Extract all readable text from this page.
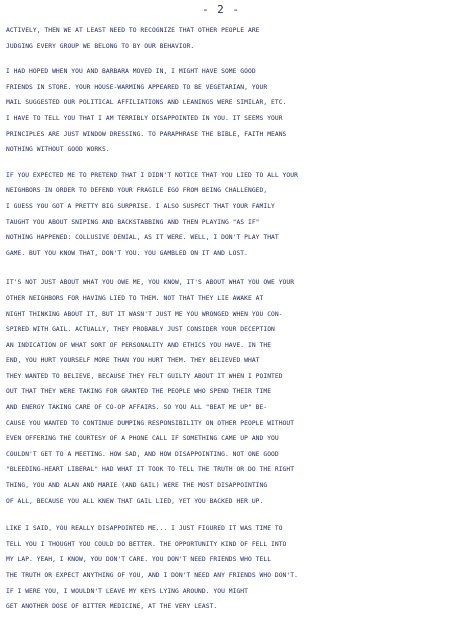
- 2 -
ACTIVELY, THEN WE AT LEAST NEED TO RECOGNIZE THAT OTHER PEOPLE ARE
JUDGING EVERY GROUP WE BELONG TO BY OUR BEHAVIOR.
I HAD HOPED WHEN YOU AND BARBARA MOVED IN, I MIGHT HAVE SOME GOOD
FRIENDS IN STORE. YOUR HOUSE-WARMING APPEARED TO BE VEGETARIAN, YOUR
MAIL SUGGESTED OUR POLITICAL AFFILIATIONS AND LEANINGS WERE SIMILAR, ETC.
I HAVE TO TELL YOU THAT I AM TERRIBLY DISAPPOINTED IN YOU. IT SEEMS YOUR
PRINCIPLES ARE JUST WINDOW DRESSING. TO PARAPHRASE THE BIBLE, FAITH MEANS
NOTHING WITHOUT GOOD WORKS.
IF YOU EXPECTED ME TO PRETEND THAT I DIDN'T NOTICE THAT YOU LIED TO ALL YOUR
NEIGHBORS IN ORDER TO DEFEND YOUR FRAGILE EGO FROM BEING CHALLENGED,
I GUESS YOU GOT A PRETTY BIG SURPRISE. I ALSO SUSPECT THAT YOUR FAMILY
TAUGHT YOU ABOUT SNIPING AND BACKSTABBING AND THEN PLAYING "AS IF"
NOTHING HAPPENED: COLLUSIVE DENIAL, AS IT WERE. WELL, I DON'T PLAY THAT
GAME. BUT YOU KNOW THAT, DON'T YOU. YOU GAMBLED ON IT AND LOST.
IT'S NOT JUST ABOUT WHAT YOU OWE ME, YOU KNOW, IT'S ABOUT WHAT YOU OWE YOUR
OTHER NEIGHBORS FOR HAVING LIED TO THEM. NOT THAT THEY LIE AWAKE AT
NIGHT THINKING ABOUT IT, BUT IT WASN'T JUST ME YOU WRONGED WHEN YOU CON-
SPIRED WITH GAIL. ACTUALLY, THEY PROBABLY JUST CONSIDER YOUR DECEPTION
AN INDICATION OF WHAT SORT OF PERSONALITY AND ETHICS YOU HAVE. IN THE
END, YOU HURT YOURSELF MORE THAN YOU HURT THEM. THEY BELIEVED WHAT
THEY WANTED TO BELIEVE, BECAUSE THEY FELT GUILTY ABOUT IT WHEN I POINTED
OUT THAT THEY WERE TAKING FOR GRANTED THE PEOPLE WHO SPEND THEIR TIME
AND ENERGY TAKING CARE OF CO-OP AFFAIRS. SO YOU ALL "BEAT ME UP" BE-
CAUSE YOU WANTED TO CONTINUE DUMPING RESPONSIBILITY ON OTHER PEOPLE WITHOUT
EVEN OFFERING THE COURTESY OF A PHONE CALL IF SOMETHING CAME UP AND YOU
COULDN'T GET TO A MEETING. HOW SAD, AND HOW DISAPPOINTING. NOT ONE GOOD
"BLEEDING-HEART LIBERAL" HAD WHAT IT TOOK TO TELL THE TRUTH OR DO THE RIGHT
THING, YOU AND ALAN AND MARIE (AND GAIL) WERE THE MOST DISAPPOINTING
OF ALL, BECAUSE YOU ALL KNEW THAT GAIL LIED, YET YOU BACKED HER UP.
LIKE I SAID, YOU REALLY DISAPPOINTED ME... I JUST FIGURED IT WAS TIME TO
TELL YOU I THOUGHT YOU COULD DO BETTER. THE OPPORTUNITY KIND OF FELL INTO
MY LAP. YEAH, I KNOW, YOU DON'T CARE. YOU DON'T NEED FRIENDS WHO TELL
THE TRUTH OR EXPECT ANYTHING OF YOU, AND I DON'T NEED ANY FRIENDS WHO DON'T.
IF I WERE YOU, I WOULDN'T LEAVE MY KEYS LYING AROUND. YOU MIGHT
GET ANOTHER DOSE OF BITTER MEDICINE, AT THE VERY LEAST.
